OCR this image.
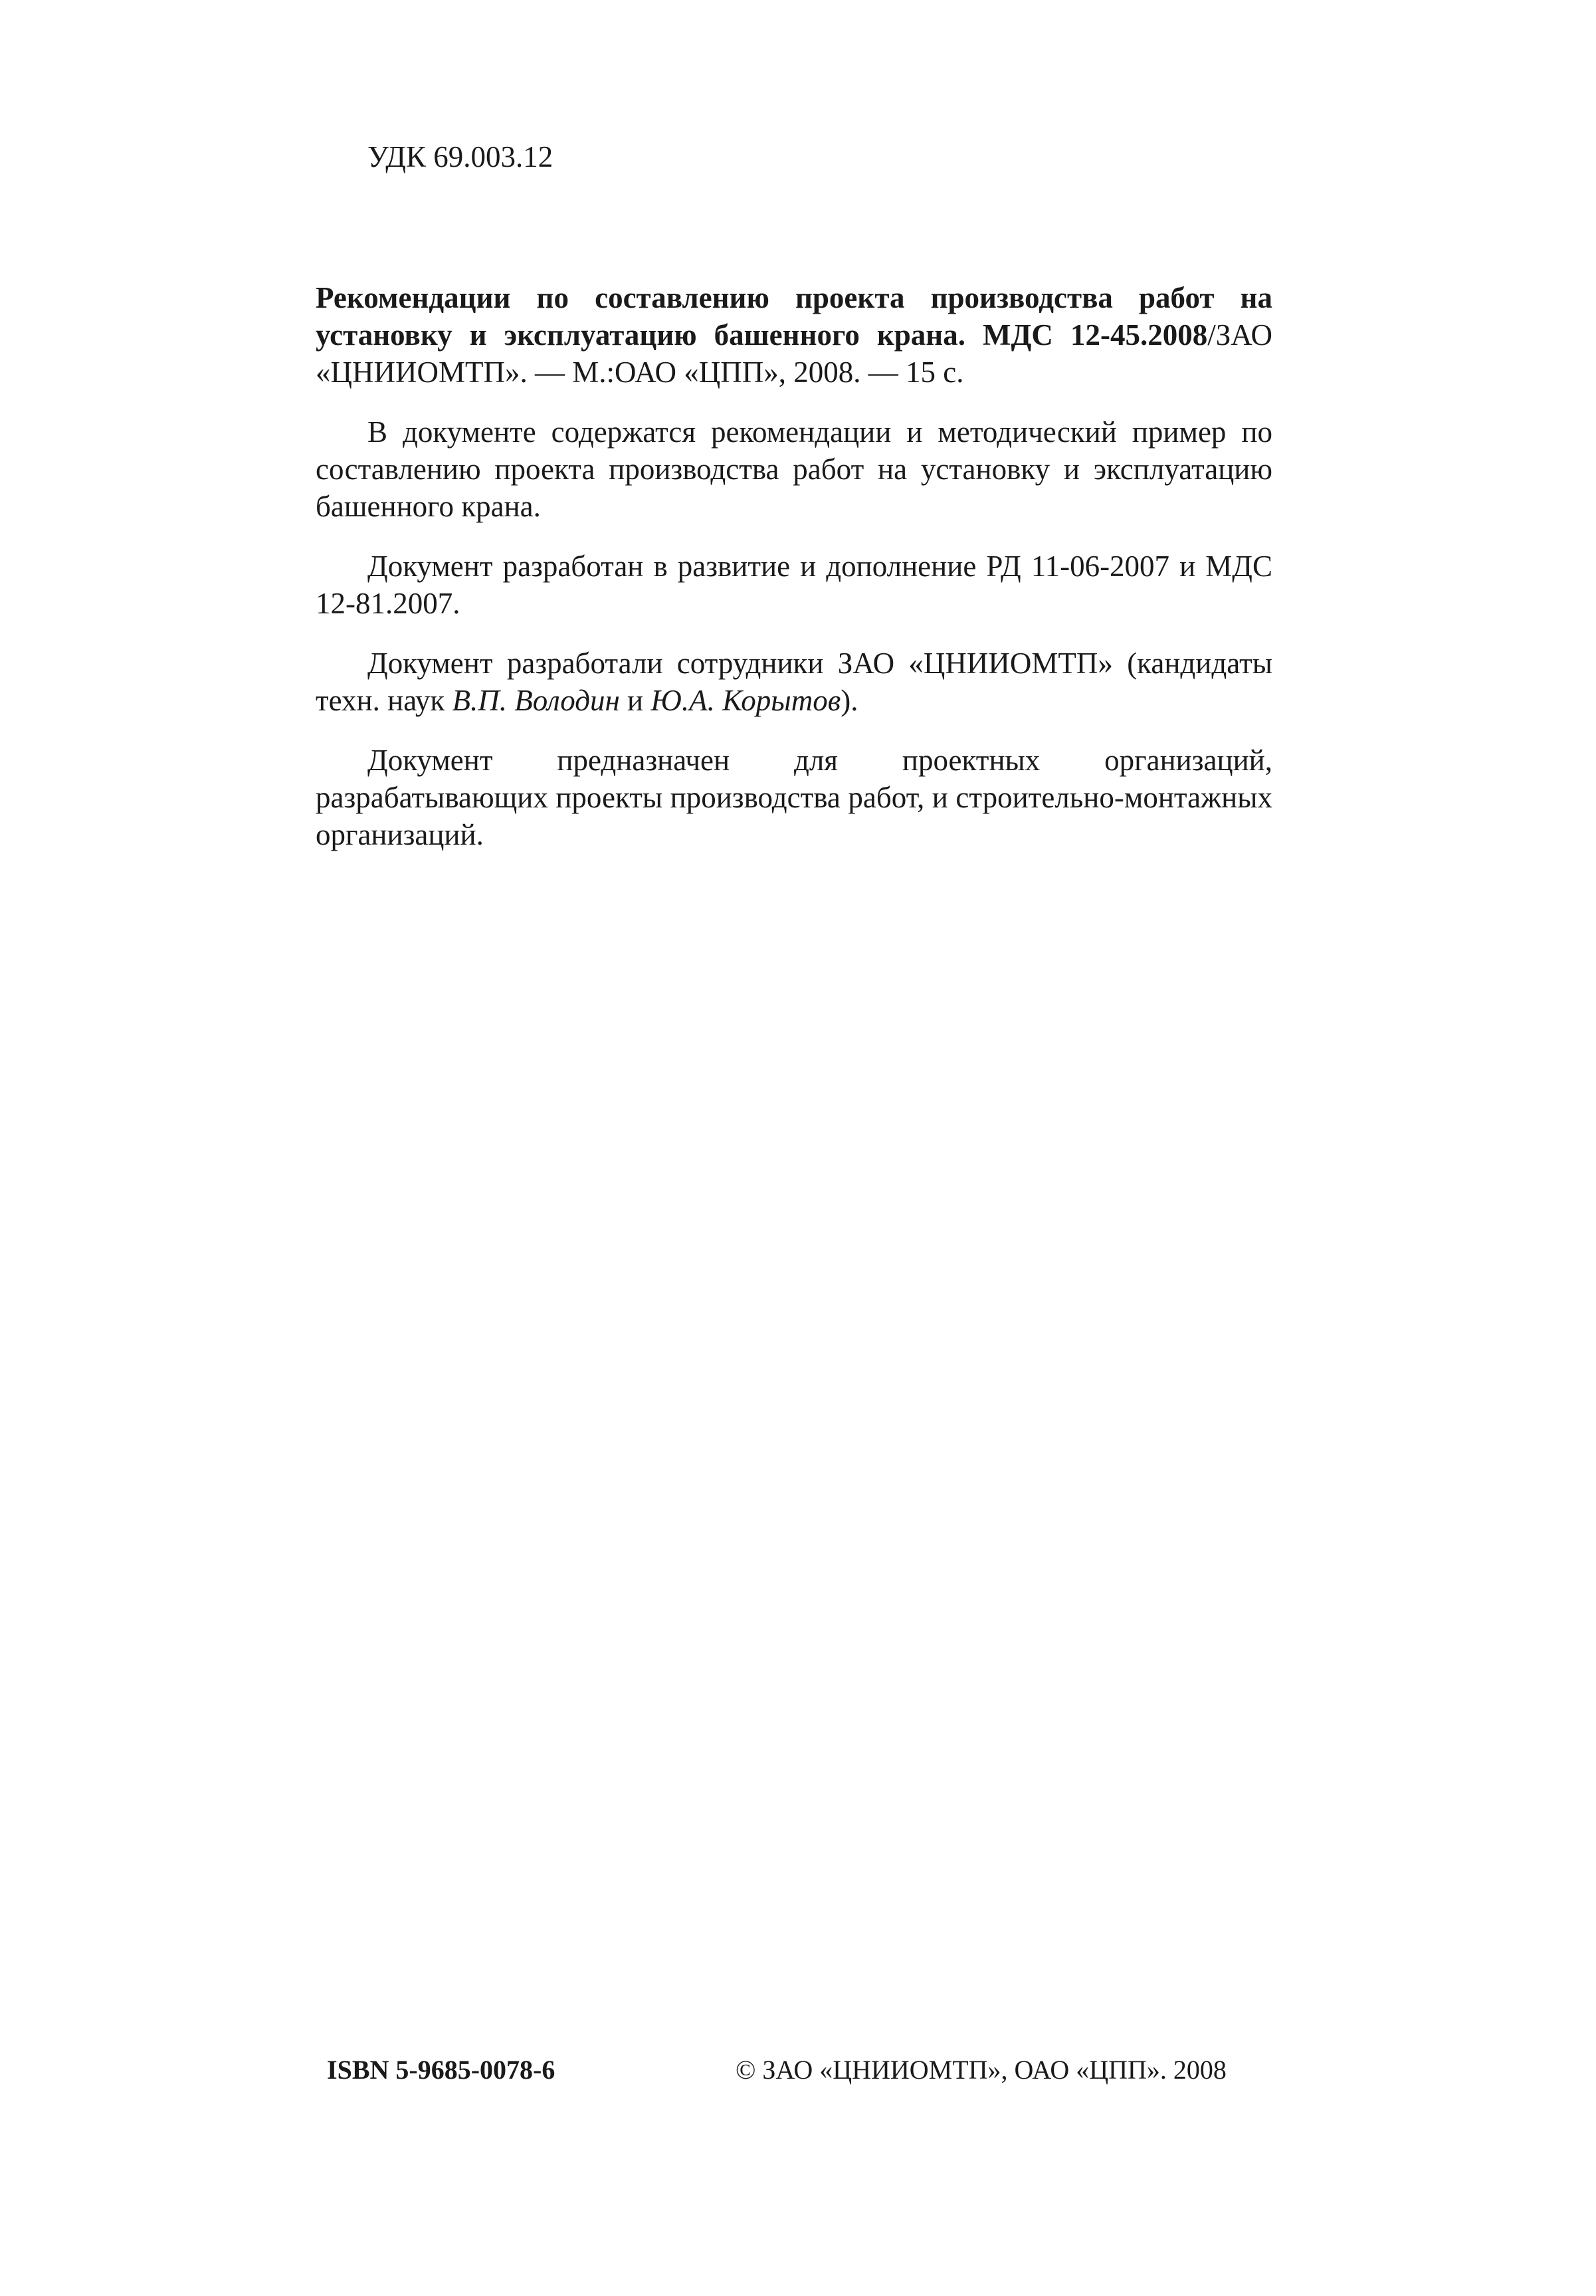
УДК 69.003.12

Рекомендации по составлению проекта производства работ на установку и эксплуатацию башенного крана. МДС 12-45.2008/ЗАО «ЦНИИОМТП». — М.:ОАО «ЦПП», 2008. — 15 с.

В документе содержатся рекомендации и методический пример по составлению проекта производства работ на установку и эксплуатацию башенного крана.

Документ разработан в развитие и дополнение РД 11-06-2007 и МДС 12-81.2007.

Документ разработали сотрудники ЗАО «ЦНИИОМТП» (кандидаты техн. наук В.П. Володин и Ю.А. Корытов).

Документ предназначен для проектных организаций, разрабатывающих проекты производства работ, и строительно-монтажных организаций.

ISBN 5-9685-0078-6	© ЗАО «ЦНИИОМТП», ОАО «ЦПП». 2008
